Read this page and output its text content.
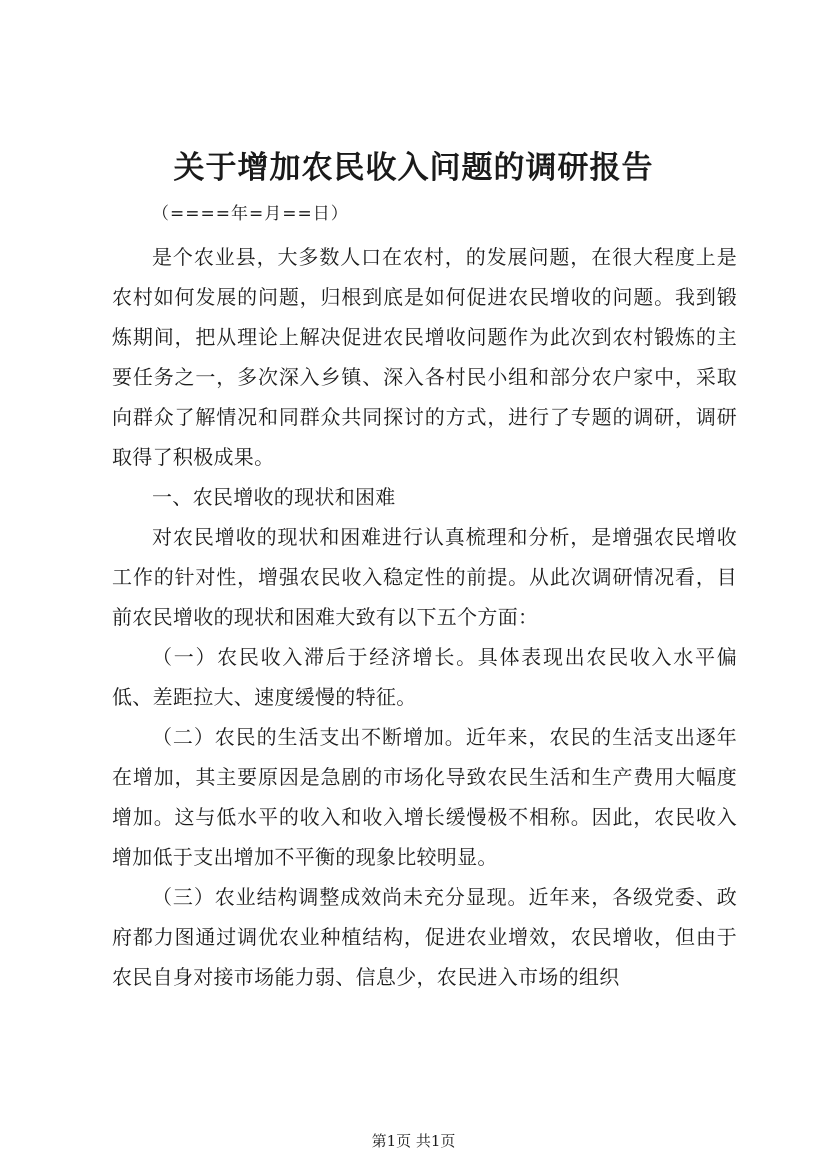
关于增加农民收入问题的调研报告
（====年=月==日）

是个农业县，大多数人口在农村，的发展问题，在很大程度上是农村如何发展的问题，归根到底是如何促进农民增收的问题。我到锻炼期间，把从理论上解决促进农民增收问题作为此次到农村锻炼的主要任务之一，多次深入乡镇、深入各村民小组和部分农户家中，采取向群众了解情况和同群众共同探讨的方式，进行了专题的调研，调研取得了积极成果。

一、农民增收的现状和困难

对农民增收的现状和困难进行认真梳理和分析，是增强农民增收工作的针对性，增强农民收入稳定性的前提。从此次调研情况看，目前农民增收的现状和困难大致有以下五个方面：

（一）农民收入滞后于经济增长。具体表现出农民收入水平偏低、差距拉大、速度缓慢的特征。

（二）农民的生活支出不断增加。近年来，农民的生活支出逐年在增加，其主要原因是急剧的市场化导致农民生活和生产费用大幅度增加。这与低水平的收入和收入增长缓慢极不相称。因此，农民收入增加低于支出增加不平衡的现象比较明显。

（三）农业结构调整成效尚未充分显现。近年来，各级党委、政府都力图通过调优农业种植结构，促进农业增效，农民增收，但由于农民自身对接市场能力弱、信息少，农民进入市场的组织

第1页 共1页
